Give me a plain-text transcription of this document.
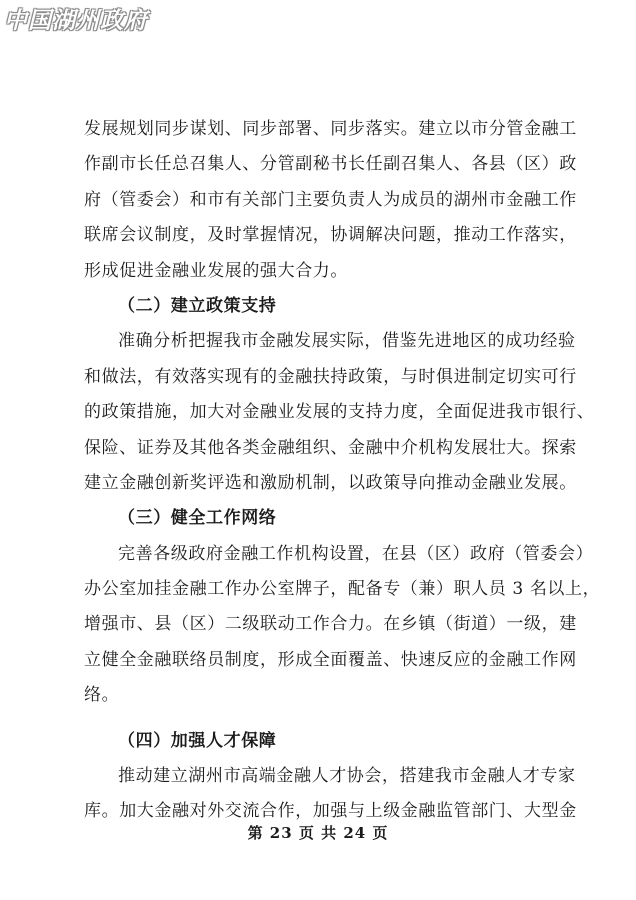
中国湖州政府
发展规划同步谋划、同步部署、同步落实。建立以市分管金融工
作副市长任总召集人、分管副秘书长任副召集人、各县（区）政
府（管委会）和市有关部门主要负责人为成员的湖州市金融工作
联席会议制度，及时掌握情况，协调解决问题，推动工作落实，
形成促进金融业发展的强大合力。
（二）建立政策支持
准确分析把握我市金融发展实际，借鉴先进地区的成功经验
和做法，有效落实现有的金融扶持政策，与时俱进制定切实可行
的政策措施，加大对金融业发展的支持力度，全面促进我市银行、
保险、证券及其他各类金融组织、金融中介机构发展壮大。探索
建立金融创新奖评选和激励机制，以政策导向推动金融业发展。
（三）健全工作网络
完善各级政府金融工作机构设置，在县（区）政府（管委会）
办公室加挂金融工作办公室牌子，配备专（兼）职人员 3 名以上，
增强市、县（区）二级联动工作合力。在乡镇（街道）一级，建
立健全金融联络员制度，形成全面覆盖、快速反应的金融工作网
络。
（四）加强人才保障
推动建立湖州市高端金融人才协会，搭建我市金融人才专家
库。加大金融对外交流合作，加强与上级金融监管部门、大型金
第 23 页 共 24 页
